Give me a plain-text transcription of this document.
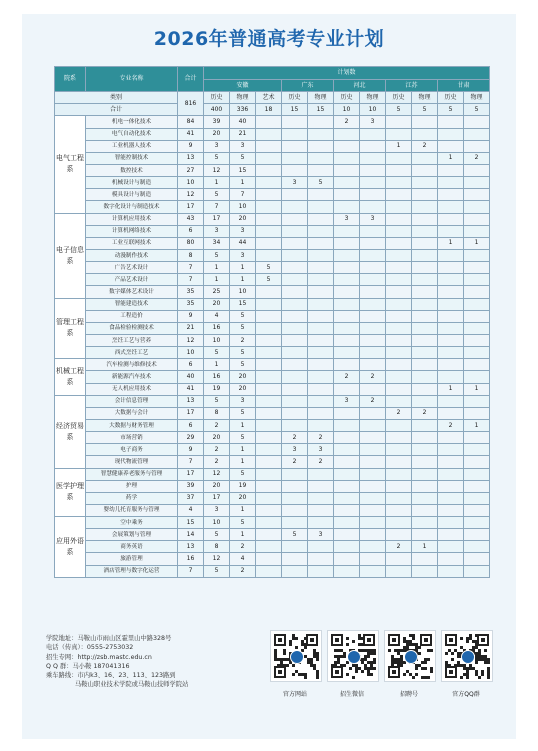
2026年普通高考专业计划
院系	专业名称	合计	计划数										
			安徽			广东		河北		江苏		甘肃	
类别		816	历史	物理	艺术	历史	物理	历史	物理	历史	物理	历史	物理
合计			400	336	18	15	15	10	10	5	5	5	5
电气工程系	机电一体化技术	84	39	40				2	3				
	电气自动化技术	41	20	21									
	工业机器人技术	9	3	3						1	2		
	智能控制技术	13	5	5								1	2
	数控技术	27	12	15									
	机械设计与制造	10	1	1		3	5						
	模具设计与制造	12	5	7									
	数字化设计与制造技术	17	7	10									
电子信息系	计算机应用技术	43	17	20				3	3				
	计算机网络技术	6	3	3									
	工业互联网技术	80	34	44								1	1
	动漫制作技术	8	5	3									
	广告艺术设计	7	1	1	5								
	产品艺术设计	7	1	1	5								
	数字媒体艺术设计	35	25	10									
管理工程系	智能建造技术	35	20	15									
	工程造价	9	4	5									
	食品检验检测技术	21	16	5									
	烹饪工艺与营养	12	10	2									
	西式烹饪工艺	10	5	5									
机械工程系	汽车检测与维修技术	6	1	5									
	新能源汽车技术	40	16	20				2	2				
	无人机应用技术	41	19	20								1	1
经济贸易系	会计信息管理	13	5	3				3	2				
	大数据与会计	17	8	5						2	2		
	大数据与财务管理	6	2	1								2	1
	市场营销	29	20	5		2	2						
	电子商务	9	2	1		3	3						
	现代物流管理	7	2	1		2	2						
医学护理系	智慧健康养老服务与管理	17	12	5									
	护理	39	20	19									
	药学	37	17	20									
	婴幼儿托育服务与管理	4	3	1									
应用外语系	空中乘务	15	10	5									
	会展策划与管理	14	5	1		5	3						
	商务英语	13	8	2						2	1		
	旅游管理	16	12	4									
	酒店管理与数字化运营	7	5	2									
学院地址：马鞍山市雨山区霍里山中路328号
电话（传真）：0555-2753032
招生专网：http://zsb.mastc.edu.cn
Q Q 群：马小鞍 187041316
乘车路线：市内k3、16、23、113、123路到
马鞍山职业技术学院或马鞍山技师学院站
官方网站	招生微信	招聘号	官方QQ群
